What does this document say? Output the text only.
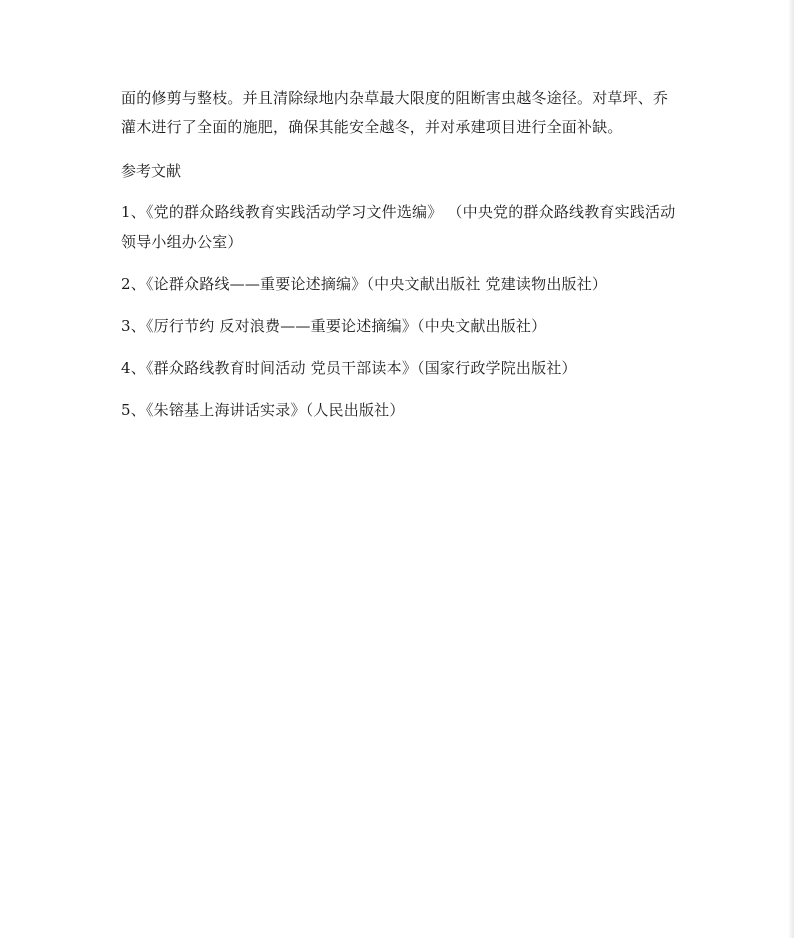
面的修剪与整枝。并且清除绿地内杂草最大限度的阻断害虫越冬途径。对草坪、乔灌木进行了全面的施肥，确保其能安全越冬，并对承建项目进行全面补缺。

参考文献

1、《党的群众路线教育实践活动学习文件选编》 （中央党的群众路线教育实践活动领导小组办公室）

2、《论群众路线——重要论述摘编》（中央文献出版社 党建读物出版社）

3、《厉行节约 反对浪费——重要论述摘编》（中央文献出版社）

4、《群众路线教育时间活动 党员干部读本》（国家行政学院出版社）

5、《朱镕基上海讲话实录》（人民出版社）
